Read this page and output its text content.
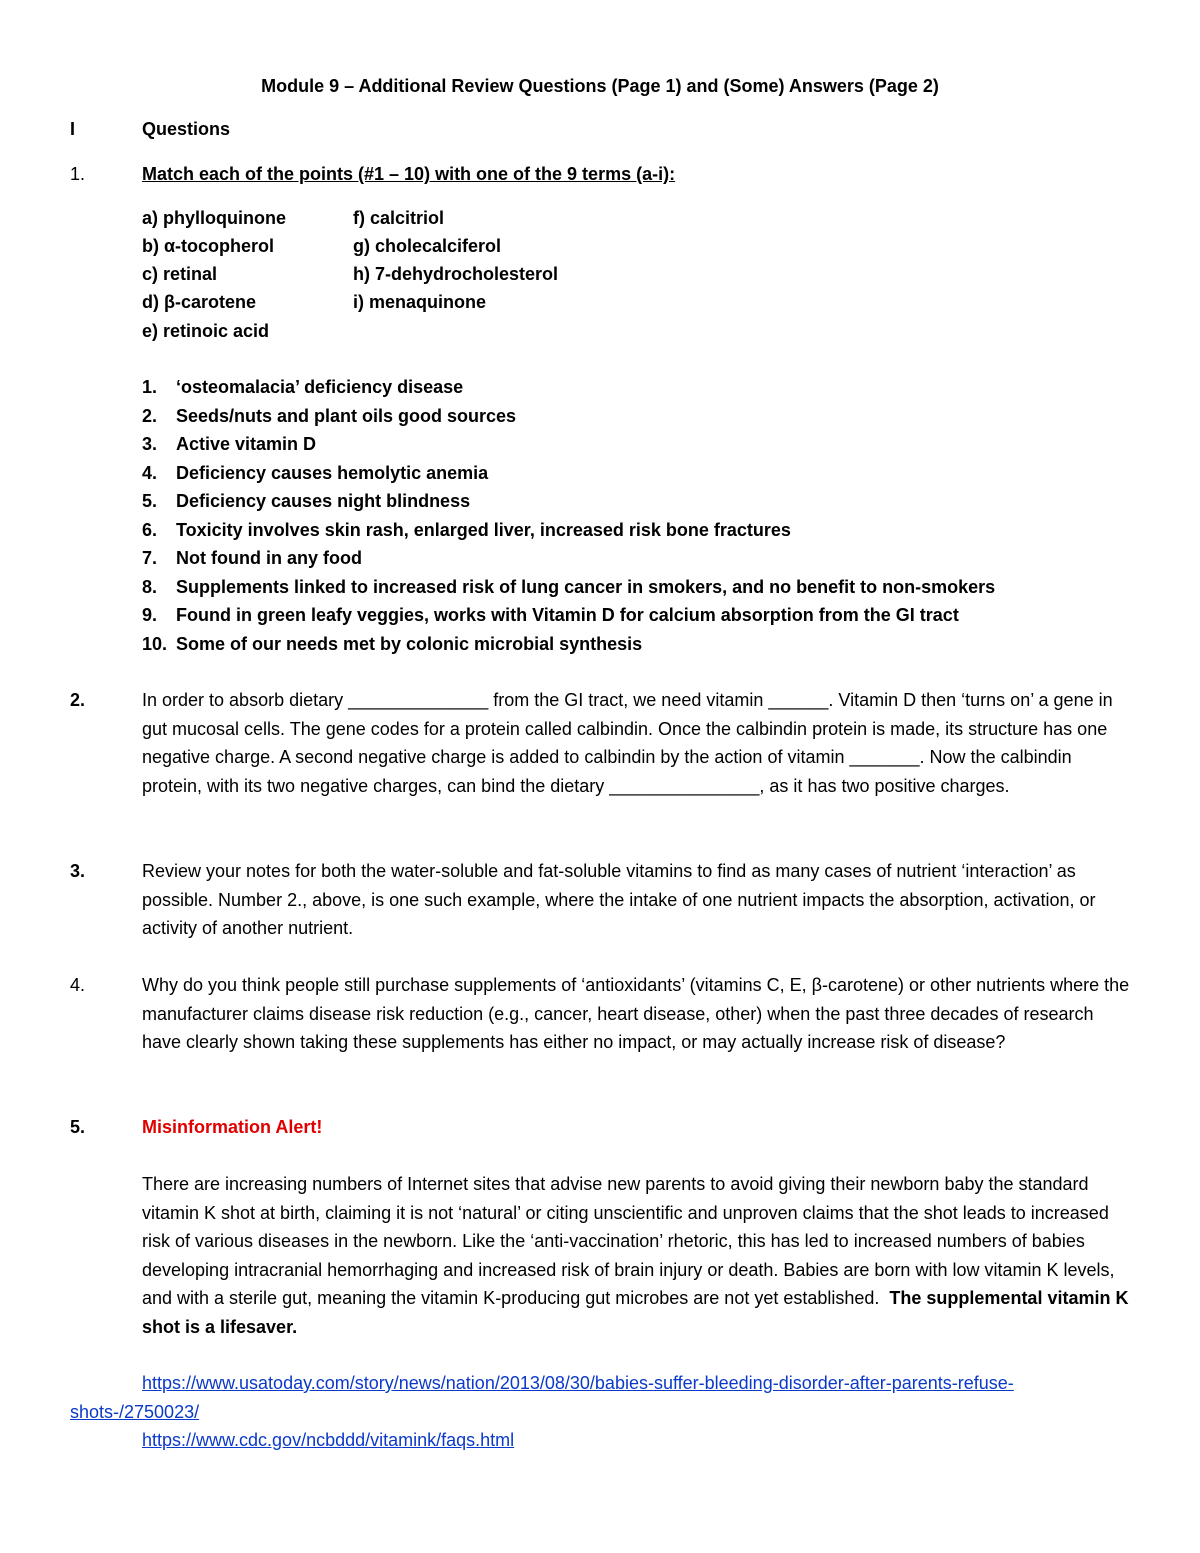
Module 9 – Additional Review Questions (Page 1) and (Some) Answers (Page 2)
I	Questions
1.	Match each of the points (#1 – 10) with one of the 9 terms (a-i):
a) phylloquinone
b) α-tocopherol
c) retinal
d) β-carotene
e) retinoic acid
f) calcitriol
g) cholecalciferol
h) 7-dehydrocholesterol
i) menaquinone
1. ‘osteomalacia’ deficiency disease
2. Seeds/nuts and plant oils good sources
3. Active vitamin D
4. Deficiency causes hemolytic anemia
5. Deficiency causes night blindness
6. Toxicity involves skin rash, enlarged liver, increased risk bone fractures
7. Not found in any food
8. Supplements linked to increased risk of lung cancer in smokers, and no benefit to non-smokers
9. Found in green leafy veggies, works with Vitamin D for calcium absorption from the GI tract
10. Some of our needs met by colonic microbial synthesis
2.	In order to absorb dietary ______________ from the GI tract, we need vitamin ______. Vitamin D then ‘turns on’ a gene in gut mucosal cells. The gene codes for a protein called calbindin. Once the calbindin protein is made, its structure has one negative charge. A second negative charge is added to calbindin by the action of vitamin _______. Now the calbindin protein, with its two negative charges, can bind the dietary _______________, as it has two positive charges.
3.	Review your notes for both the water-soluble and fat-soluble vitamins to find as many cases of nutrient ‘interaction’ as possible. Number 2., above, is one such example, where the intake of one nutrient impacts the absorption, activation, or activity of another nutrient.
4.	Why do you think people still purchase supplements of ‘antioxidants’ (vitamins C, E, β-carotene) or other nutrients where the manufacturer claims disease risk reduction (e.g., cancer, heart disease, other) when the past three decades of research have clearly shown taking these supplements has either no impact, or may actually increase risk of disease?
5.	Misinformation Alert!
There are increasing numbers of Internet sites that advise new parents to avoid giving their newborn baby the standard vitamin K shot at birth, claiming it is not ‘natural’ or citing unscientific and unproven claims that the shot leads to increased risk of various diseases in the newborn. Like the ‘anti-vaccination’ rhetoric, this has led to increased numbers of babies developing intracranial hemorrhaging and increased risk of brain injury or death. Babies are born with low vitamin K levels, and with a sterile gut, meaning the vitamin K-producing gut microbes are not yet established. The supplemental vitamin K shot is a lifesaver.
https://www.usatoday.com/story/news/nation/2013/08/30/babies-suffer-bleeding-disorder-after-parents-refuse-shots-/2750023/
https://www.cdc.gov/ncbddd/vitamink/faqs.html
